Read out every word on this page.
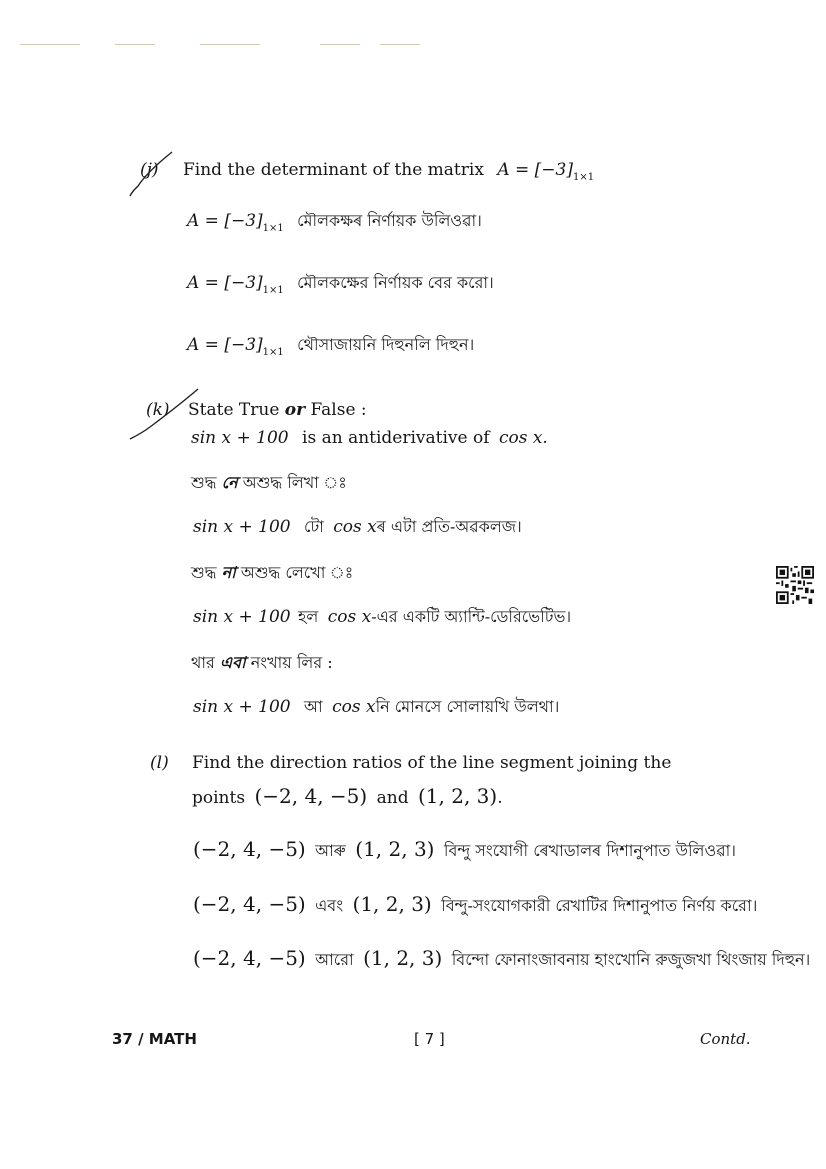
(j) Find the determinant of the matrix $A = [-3]_{1\times 1}$
$A = [-3]_{1\times 1}$ মৌলকক্ষৰ নিৰ্ণায়ক উলিওৱা।
$A = [-3]_{1\times 1}$ মৌলকক্ষের নির্ণায়ক বের করো।
$A = [-3]_{1\times 1}$ থৌসাজায়নি দিহুনলি দিহুন।
(k) State True or False :
sin x + 100 is an antiderivative of cos x.
শুদ্ধ নে অশুদ্ধ লিখা ঃ
sin x + 100 টো cos xৰ এটা প্ৰতি-অৱকলজ।
শুদ্ধ না অশুদ্ধ লেখো ঃ
sin x + 100 হল cos x-এর একটি অ্যান্টি-ডেরিভেটিভ।
থার এবা নংখায় লির :
sin x + 100 আ cos xনি মোনসে সোলায়খি উলথা।
(l) Find the direction ratios of the line segment joining the
points (−2, 4, −5) and (1, 2, 3).
(−2, 4, −5) আৰু (1, 2, 3) বিন্দু সংযোগী ৰেখাডালৰ দিশানুপাত উলিওৱা।
(−2, 4, −5) এবং (1, 2, 3) বিন্দু-সংযোগকারী রেখাটির দিশানুপাত নির্ণয় করো।
(−2, 4, −5) আরো (1, 2, 3) বিন্দো ফোনাংজাবনায় হাংখোনি রুজুজখা থিংজায় দিহুন।
37 / MATH	[ 7 ]	Contd.
